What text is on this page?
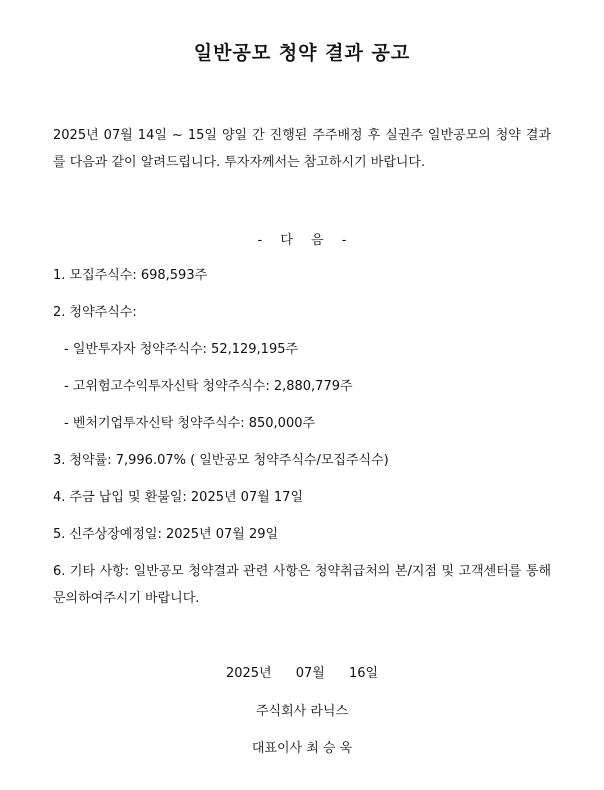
일반공모 청약 결과 공고
2025년 07월 14일 ~ 15일 양일 간 진행된 주주배정 후 실권주 일반공모의 청약 결과를 다음과 같이 알려드립니다. 투자자께서는 참고하시기 바랍니다.
- 다 음 -
1. 모집주식수: 698,593주
2. 청약주식수:
- 일반투자자 청약주식수: 52,129,195주
- 고위험고수익투자신탁 청약주식수: 2,880,779주
- 벤처기업투자신탁 청약주식수: 850,000주
3. 청약률: 7,996.07% ( 일반공모 청약주식수/모집주식수)
4. 주금 납입 및 환불일: 2025년 07월 17일
5. 신주상장예정일: 2025년 07월 29일
6. 기타 사항: 일반공모 청약결과 관련 사항은 청약취급처의 본/지점 및 고객센터를 통해 문의하여주시기 바랍니다.
2025년 07월 16일
주식회사 라닉스
대표이사 최 승 욱
